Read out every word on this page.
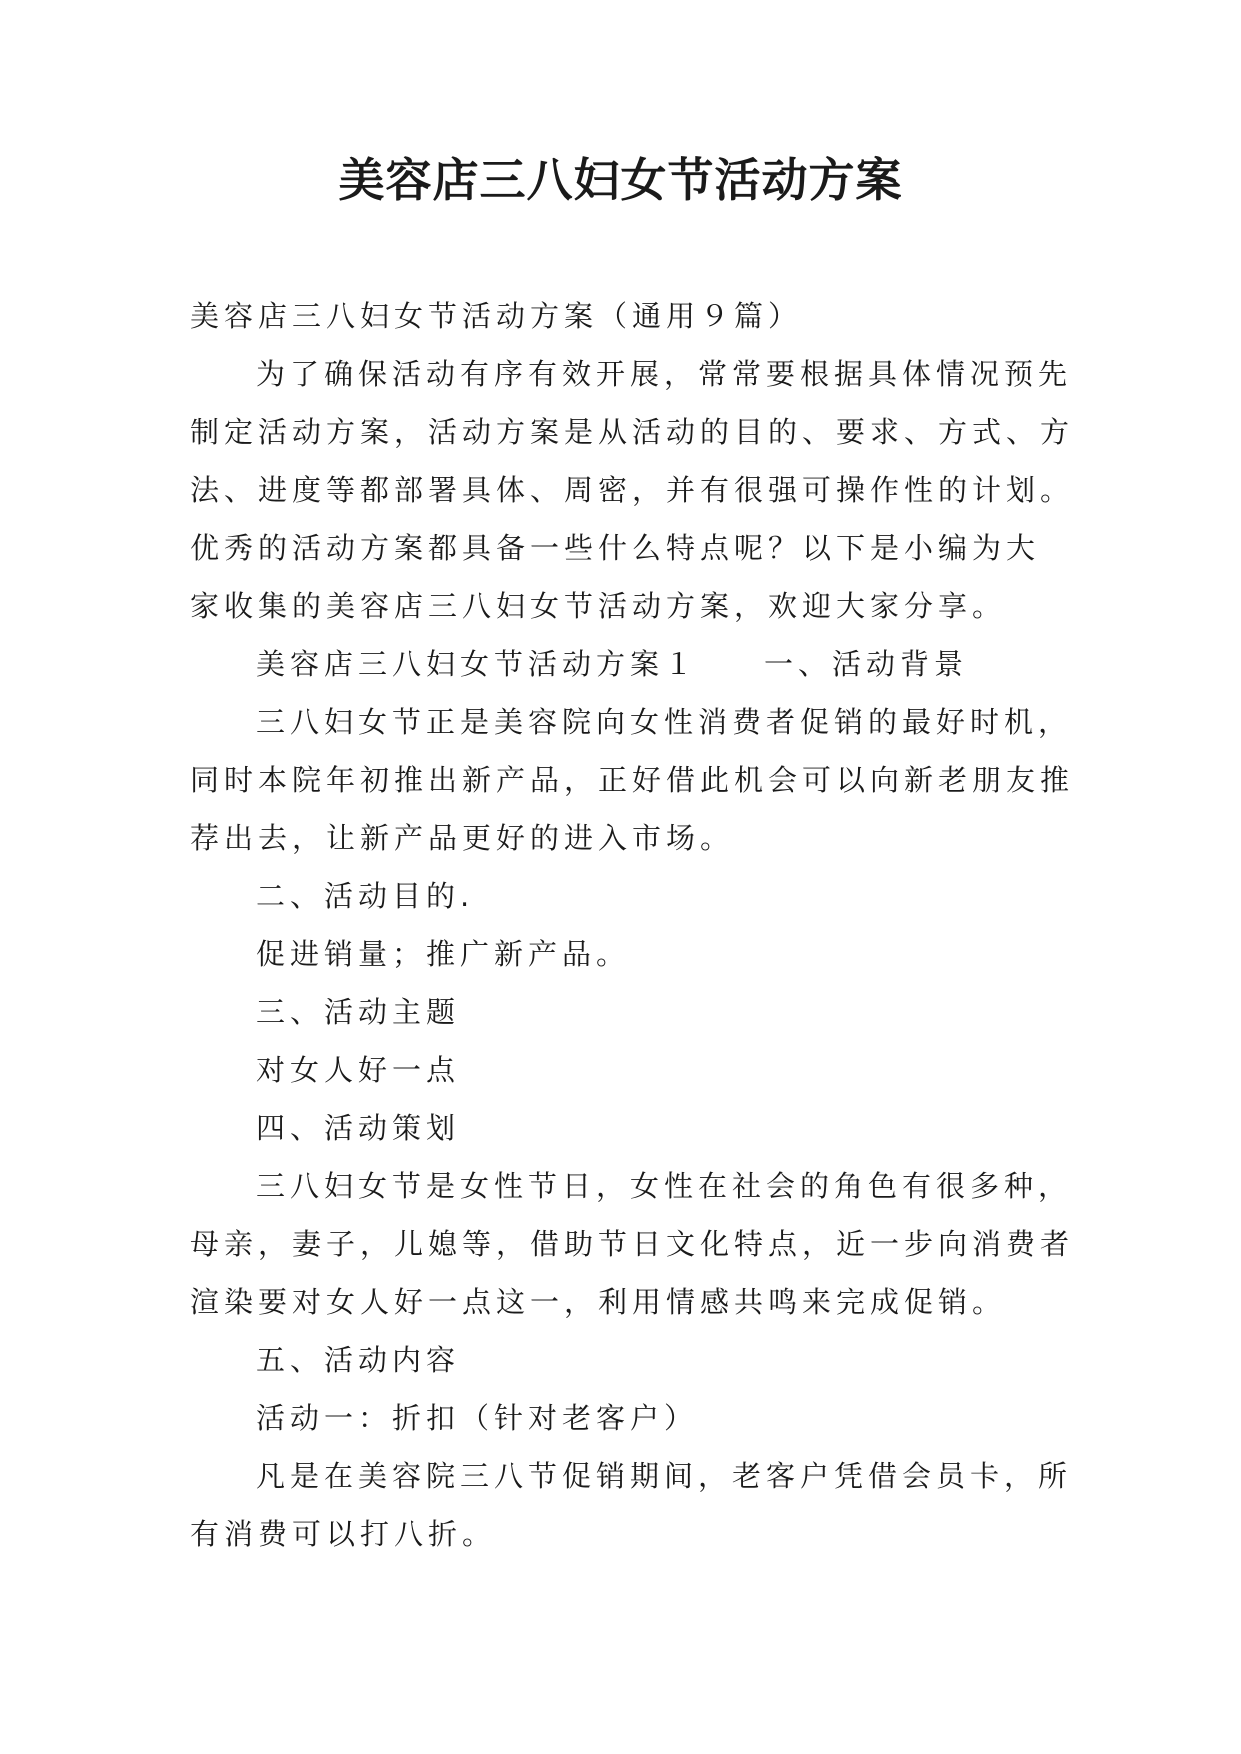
美容店三八妇女节活动方案

美容店三八妇女节活动方案（通用９篇）

为了确保活动有序有效开展，常常要根据具体情况预先

制定活动方案，活动方案是从活动的目的、要求、方式、方

法、进度等都部署具体、周密，并有很强可操作性的计划。

优秀的活动方案都具备一些什么特点呢？以下是小编为大

家收集的美容店三八妇女节活动方案，欢迎大家分享。

美容店三八妇女节活动方案１ 一、活动背景

三八妇女节正是美容院向女性消费者促销的最好时机，

同时本院年初推出新产品，正好借此机会可以向新老朋友推

荐出去，让新产品更好的进入市场。

二、活动目的.

促进销量；推广新产品。

三、活动主题

对女人好一点

四、活动策划

三八妇女节是女性节日，女性在社会的角色有很多种，

母亲，妻子，儿媳等，借助节日文化特点，近一步向消费者

渲染要对女人好一点这一，利用情感共鸣来完成促销。

五、活动内容

活动一：折扣（针对老客户）

凡是在美容院三八节促销期间，老客户凭借会员卡，所

有消费可以打八折。
